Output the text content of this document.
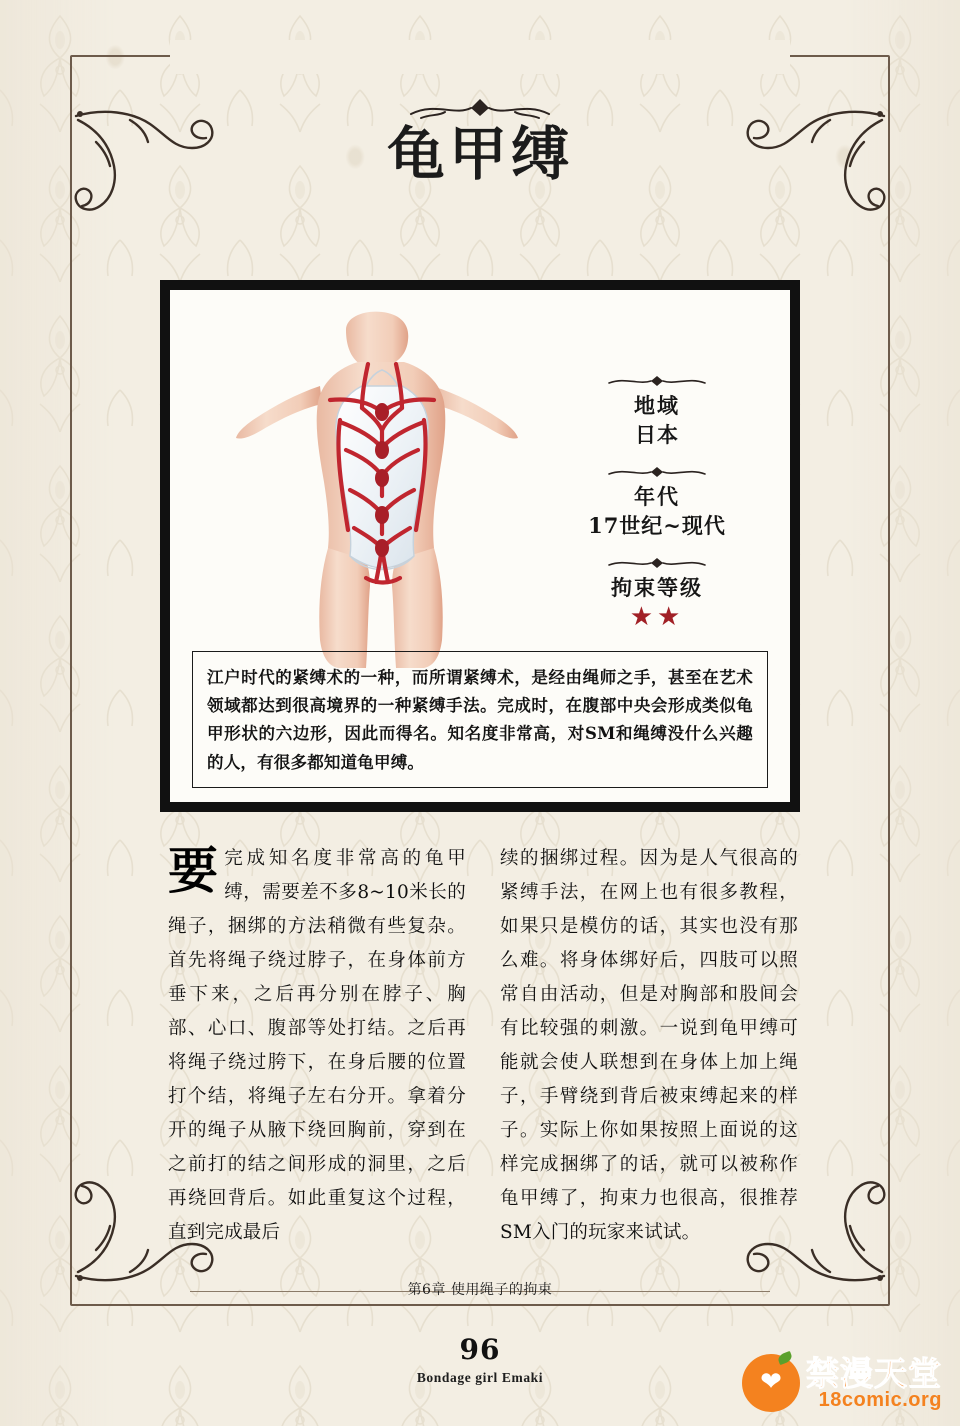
龟甲缚
地域
日本
年代
17世纪~现代
拘束等级
★★
江户时代的紧缚术的一种，而所谓紧缚术，是经由绳师之手，甚至在艺术领域都达到很高境界的一种紧缚手法。完成时，在腹部中央会形成类似龟甲形状的六边形，因此而得名。知名度非常高，对SM和绳缚没什么兴趣的人，有很多都知道龟甲缚。
要完成知名度非常高的龟甲缚，需要差不多8~10米长的绳子，捆绑的方法稍微有些复杂。首先将绳子绕过脖子，在身体前方垂下来，之后再分别在脖子、胸部、心口、腹部等处打结。之后再将绳子绕过胯下，在身后腰的位置打个结，将绳子左右分开。拿着分开的绳子从腋下绕回胸前，穿到在之前打的结之间形成的洞里，之后再绕回背后。如此重复这个过程，直到完成最后
续的捆绑过程。因为是人气很高的紧缚手法，在网上也有很多教程，如果只是模仿的话，其实也没有那么难。将身体绑好后，四肢可以照常自由活动，但是对胸部和股间会有比较强的刺激。一说到龟甲缚可能就会使人联想到在身体上加上绳子，手臂绕到背后被束缚起来的样子。实际上你如果按照上面说的这样完成捆绑了的话，就可以被称作龟甲缚了，拘束力也很高，很推荐SM入门的玩家来试试。
第6章 使用绳子的拘束
96
Bondage girl Emaki	❤ 禁漫天堂
18comic.org
